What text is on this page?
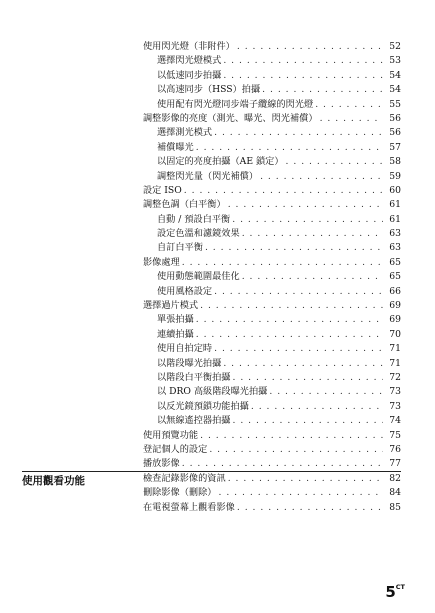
使用閃光燈（非附件） . . .	52
選擇閃光燈模式 . . .	53
以低速同步拍攝 . . .	54
以高速同步（HSS）拍攝 . . .	54
使用配有閃光燈同步端子纜線的閃光燈 . . .	55
調整影像的亮度（測光、曝光、閃光補償） . . .	56
選擇測光模式 . . .	56
補償曝光 . . .	57
以固定的亮度拍攝（AE 鎖定） . . .	58
調整閃光量（閃光補償） . . .	59
設定 ISO . . .	60
調整色調（白平衡） . . .	61
自動 / 預設白平衡 . . .	61
設定色溫和濾鏡效果 . . .	63
自訂白平衡 . . .	63
影像處理 . . .	65
使用動態範圍最佳化 . . .	65
使用風格設定 . . .	66
選擇過片模式 . . .	69
單張拍攝 . . .	69
連續拍攝 . . .	70
使用自拍定時 . . .	71
以階段曝光拍攝 . . .	71
以階段白平衡拍攝 . . .	72
以 DRO 高級階段曝光拍攝 . . .	73
以反光鏡預鎖功能拍攝 . . .	73
以無線遙控器拍攝 . . .	74
使用預覽功能 . . .	75
登記個人的設定 . . .	76
播放影像 . . .	77
檢查記錄影像的資訊 . . .	82
刪除影像（刪除） . . .	84
在電視螢幕上觀看影像 . . .	85
使用觀看功能
$5^{CT}$
